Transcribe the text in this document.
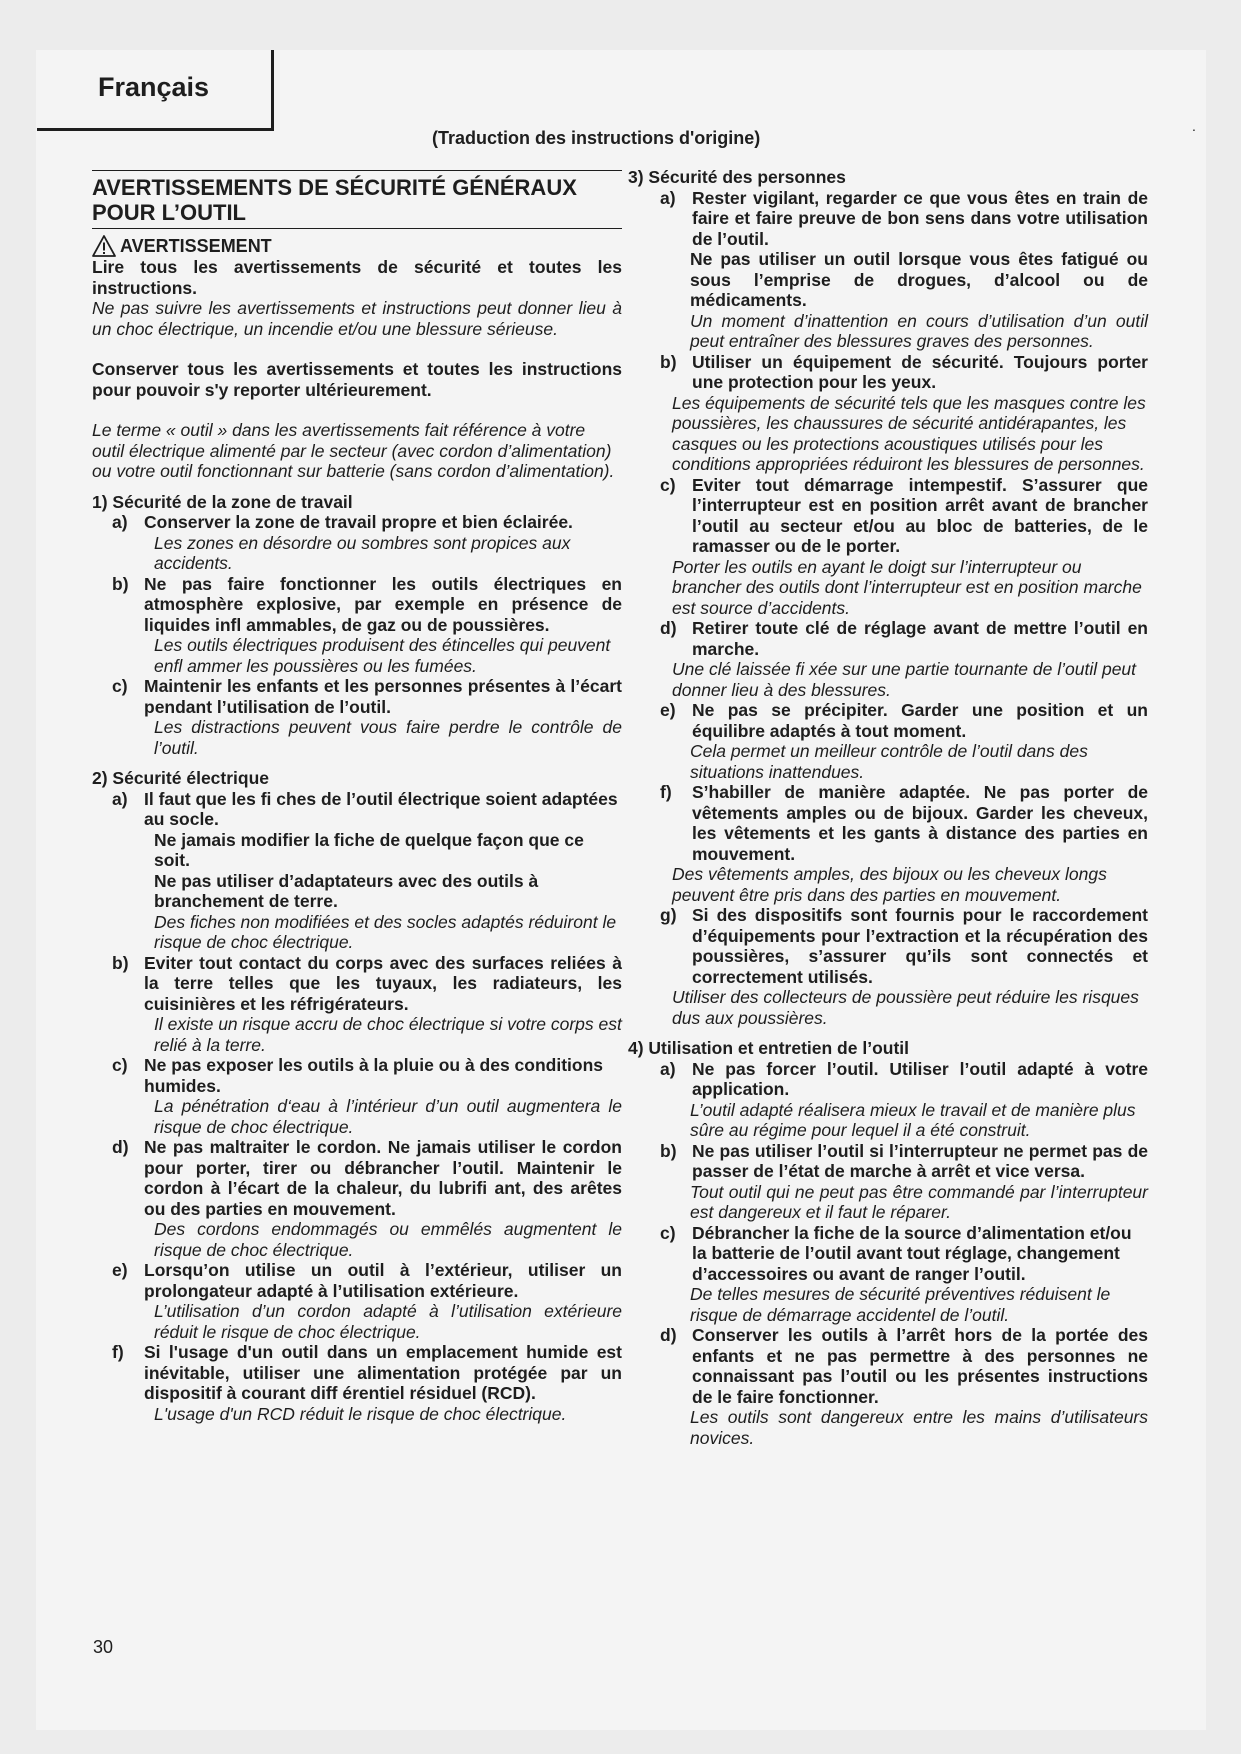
Français
(Traduction des instructions d'origine)
.
AVERTISSEMENTS DE SÉCURITÉ GÉNÉRAUX POUR L’OUTIL
AVERTISSEMENT

Lire tous les avertissements de sécurité et toutes les instructions.

Ne pas suivre les avertissements et instructions peut donner lieu à un choc électrique, un incendie et/ou une blessure sérieuse.

Conserver tous les avertissements et toutes les instructions pour pouvoir s'y reporter ultérieurement.

Le terme « outil » dans les avertissements fait référence à votre outil électrique alimenté par le secteur (avec cordon d’alimentation) ou votre outil fonctionnant sur batterie (sans cordon d’alimentation).

1) Sécurité de la zone de travail

a) Conserver la zone de travail propre et bien éclairée.

Les zones en désordre ou sombres sont propices aux accidents.

b) Ne pas faire fonctionner les outils électriques en atmosphère explosive, par exemple en présence de liquides infl ammables, de gaz ou de poussières.

Les outils électriques produisent des étincelles qui peuvent enfl ammer les poussières ou les fumées.

c) Maintenir les enfants et les personnes présentes à l’écart pendant l’utilisation de l’outil.

Les distractions peuvent vous faire perdre le contrôle de l’outil.

2) Sécurité électrique

a) Il faut que les fi ches de l’outil électrique soient adaptées au socle.

Ne jamais modifier la fiche de quelque façon que ce soit.

Ne pas utiliser d’adaptateurs avec des outils à branchement de terre.

Des fiches non modifiées et des socles adaptés réduiront le risque de choc électrique.

b) Eviter tout contact du corps avec des surfaces reliées à la terre telles que les tuyaux, les radiateurs, les cuisinières et les réfrigérateurs.

Il existe un risque accru de choc électrique si votre corps est relié à la terre.

c) Ne pas exposer les outils à la pluie ou à des conditions humides.

La pénétration d‘eau à l’intérieur d’un outil augmentera le risque de choc électrique.

d) Ne pas maltraiter le cordon. Ne jamais utiliser le cordon pour porter, tirer ou débrancher l’outil. Maintenir le cordon à l’écart de la chaleur, du lubrifi ant, des arêtes ou des parties en mouvement.

Des cordons endommagés ou emmêlés augmentent le risque de choc électrique.

e) Lorsqu’on utilise un outil à l’extérieur, utiliser un prolongateur adapté à l’utilisation extérieure.

L’utilisation d’un cordon adapté à l’utilisation extérieure réduit le risque de choc électrique.

f)	Si l'usage d'un outil dans un emplacement humide est inévitable, utiliser une alimentation protégée par un dispositif à courant diff érentiel résiduel (RCD).

L'usage d'un RCD réduit le risque de choc électrique.

3) Sécurité des personnes

a) Rester vigilant, regarder ce que vous êtes en train de faire et faire preuve de bon sens dans votre utilisation de l’outil.

Ne pas utiliser un outil lorsque vous êtes fatigué ou sous l’emprise de drogues, d’alcool ou de médicaments.

Un moment d’inattention en cours d’utilisation d’un outil peut entraîner des blessures graves des personnes.

b) Utiliser un équipement de sécurité. Toujours porter une protection pour les yeux.

Les équipements de sécurité tels que les masques contre les poussières, les chaussures de sécurité antidérapantes, les casques ou les protections acoustiques utilisés pour les conditions appropriées réduiront les blessures de personnes.

c) Eviter tout démarrage intempestif. S’assurer que l’interrupteur est en position arrêt avant de brancher l’outil au secteur et/ou au bloc de batteries, de le ramasser ou de le porter.

Porter les outils en ayant le doigt sur l’interrupteur ou brancher des outils dont l’interrupteur est en position marche est source d’accidents.

d) Retirer toute clé de réglage avant de mettre l’outil en marche.

Une clé laissée fi xée sur une partie tournante de l’outil peut donner lieu à des blessures.

e) Ne pas se précipiter. Garder une position et un équilibre adaptés à tout moment.

Cela permet un meilleur contrôle de l’outil dans des situations inattendues.

f)	S’habiller de manière adaptée. Ne pas porter de vêtements amples ou de bijoux. Garder les cheveux, les vêtements et les gants à distance des parties en mouvement.

Des vêtements amples, des bijoux ou les cheveux longs peuvent être pris dans des parties en mouvement.

g) Si des dispositifs sont fournis pour le raccordement d’équipements pour l’extraction et la récupération des poussières, s’assurer qu’ils sont connectés et correctement utilisés.

Utiliser des collecteurs de poussière peut réduire les risques dus aux poussières.

4) Utilisation et entretien de l’outil

a) Ne pas forcer l’outil. Utiliser l’outil adapté à votre application.

L’outil adapté réalisera mieux le travail et de manière plus sûre au régime pour lequel il a été construit.

b) Ne pas utiliser l’outil si l’interrupteur ne permet pas de passer de l’état de marche à arrêt et vice versa.

Tout outil qui ne peut pas être commandé par l’interrupteur est dangereux et il faut le réparer.

c) Débrancher la fiche de la source d’alimentation et/ou la batterie de l’outil avant tout réglage, changement d’accessoires ou avant de ranger l’outil.

De telles mesures de sécurité préventives réduisent le risque de démarrage accidentel de l’outil.

d) Conserver les outils à l’arrêt hors de la portée des enfants et ne pas permettre à des personnes ne connaissant pas l’outil ou les présentes instructions de le faire fonctionner.

Les outils sont dangereux entre les mains d’utilisateurs novices.

30
